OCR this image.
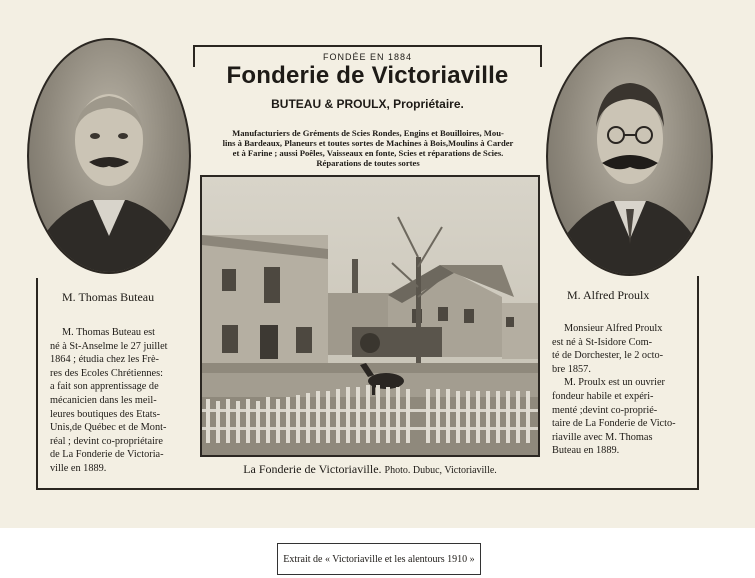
FONDÉE EN 1884
Fonderie de Victoriaville
BUTEAU & PROULX, Propriétaire.
Manufacturiers de Gréments de Scies Rondes, Engins et Bouilloires, Mou-
lins à Bardeaux, Planeurs et toutes sortes de Machines à Bois,Moulins à Carder
et à Farine ; aussi Poêles, Vaisseaux en fonte, Scies et réparations de Scies.
Réparations de toutes sortes
La Fonderie de Victoriaville. Photo. Dubuc, Victoriaville.
M. Thomas Buteau
M. Thomas Buteau est
né à St-Anselme le 27 juillet
1864 ; étudia chez les Frè-
res des Ecoles Chrétiennes:
a fait son apprentissage de
mécanicien dans les meil-
leures boutiques des Etats-
Unis,de Québec et de Mont-
réal ; devint co-propriétaire
de La Fonderie de Victoria-
ville en 1889.
M. Alfred Proulx
Monsieur Alfred Proulx
est né à St-Isidore Com-
té de Dorchester, le 2 octo-
bre 1857.
M. Proulx est un ouvrier
fondeur habile et expéri-
menté ;devint co-proprié-
taire de La Fonderie de Victo-
riaville avec M. Thomas
Buteau en 1889.
Extrait de « Victoriaville et les alentours 1910 »
